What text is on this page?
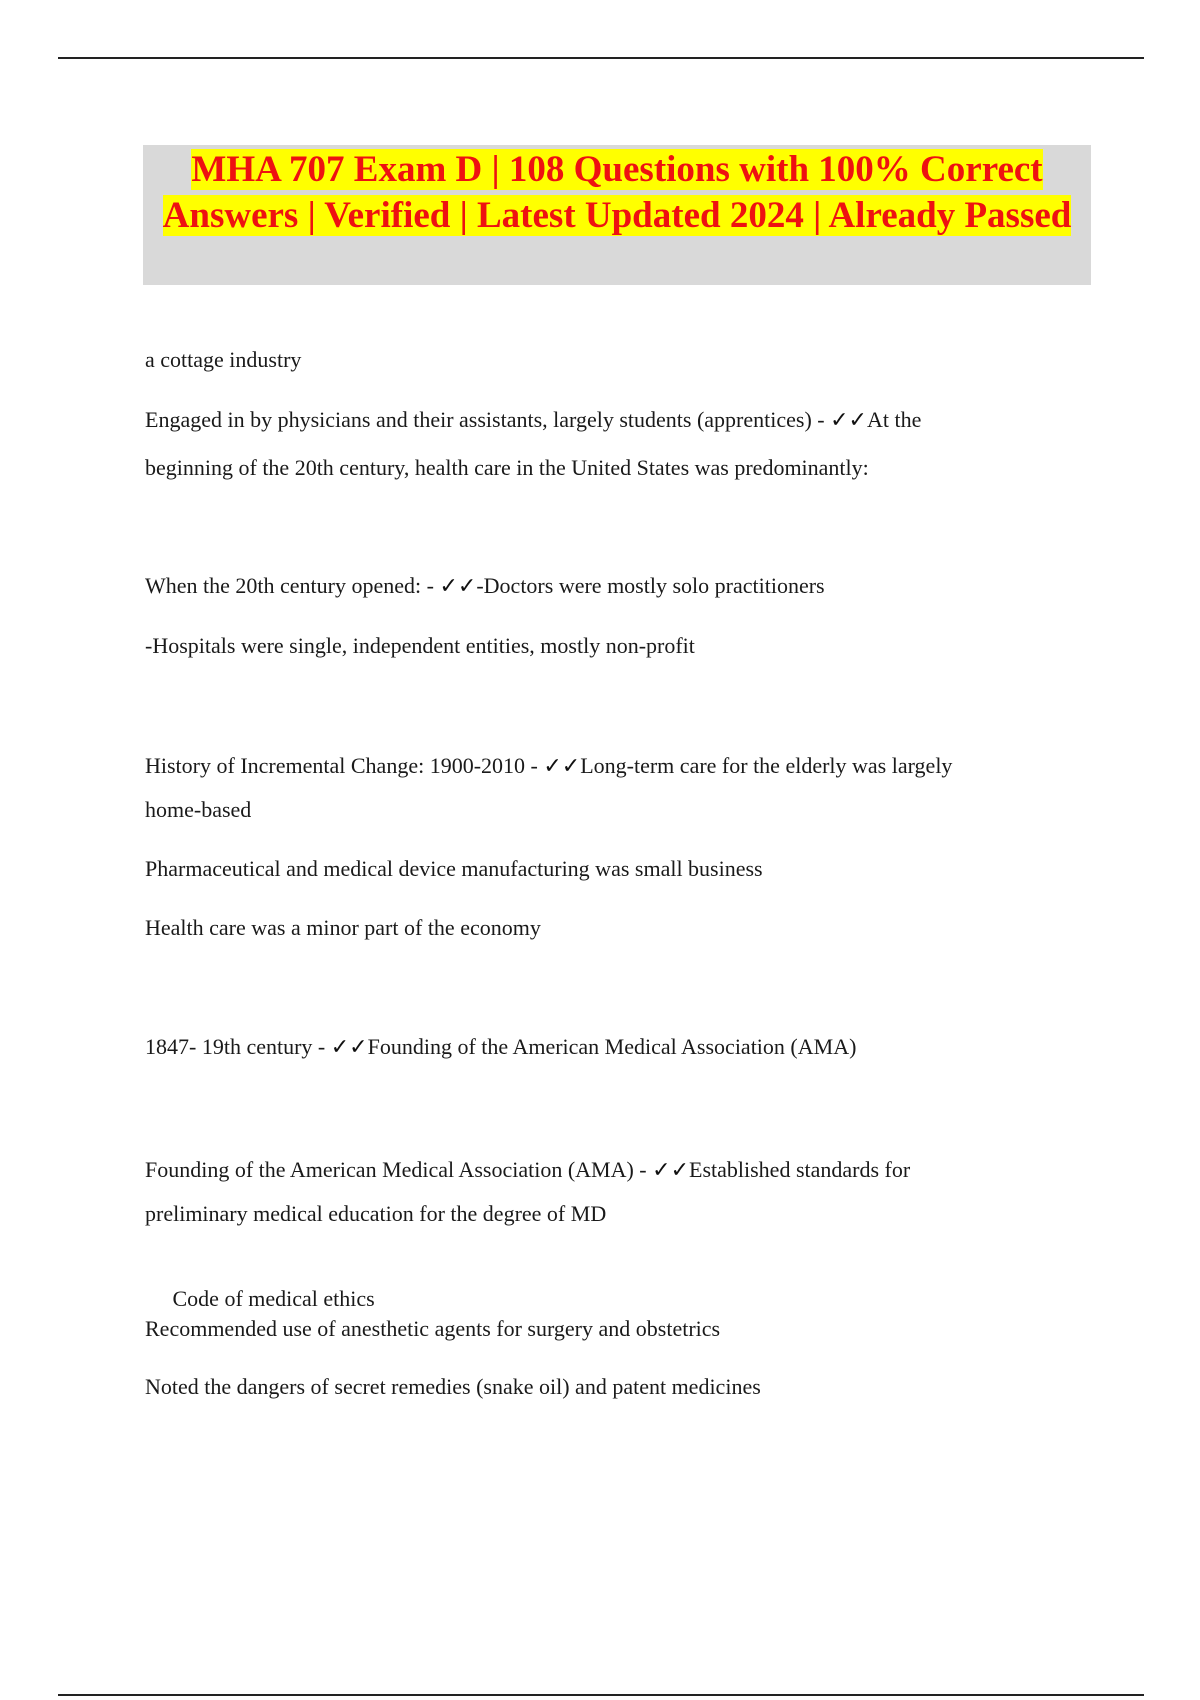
MHA 707 Exam D | 108 Questions with 100% Correct Answers | Verified | Latest Updated 2024 | Already Passed

a cottage industry

Engaged in by physicians and their assistants, largely students (apprentices) - ✓✓At the

beginning of the 20th century, health care in the United States was predominantly:

When the 20th century opened: - ✓✓-Doctors were mostly solo practitioners

-Hospitals were single, independent entities, mostly non-profit

History of Incremental Change: 1900-2010 - ✓✓Long-term care for the elderly was largely

home-based

Pharmaceutical and medical device manufacturing was small business

Health care was a minor part of the economy

1847- 19th century - ✓✓Founding of the American Medical Association (AMA)

Founding of the American Medical Association (AMA) - ✓✓Established standards for

preliminary medical education for the degree of MD

Code of medical ethics

Recommended use of anesthetic agents for surgery and obstetrics

Noted the dangers of secret remedies (snake oil) and patent medicines
